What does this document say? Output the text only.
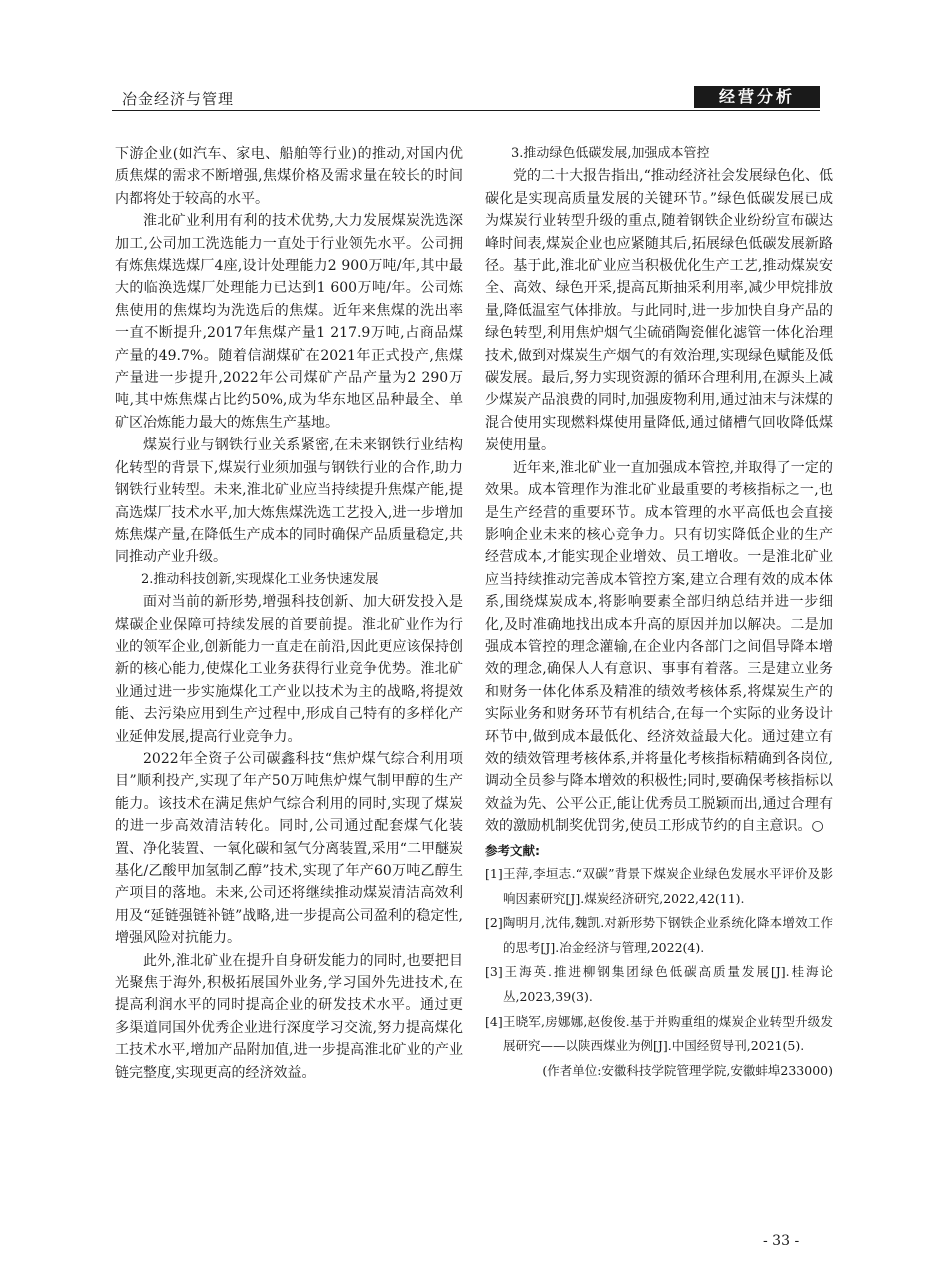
冶金经济与管理	经营分析

下游企业(如汽车、家电、船舶等行业)的推动,对国内优质焦煤的需求不断增强,焦煤价格及需求量在较长的时间内都将处于较高的水平。

淮北矿业利用有利的技术优势,大力发展煤炭洗选深加工,公司加工洗选能力一直处于行业领先水平。公司拥有炼焦煤选煤厂4座,设计处理能力2 900万吨/年,其中最大的临涣选煤厂处理能力已达到1 600万吨/年。公司炼焦使用的焦煤均为洗选后的焦煤。近年来焦煤的洗出率一直不断提升,2017年焦煤产量1 217.9万吨,占商品煤产量的49.7%。随着信湖煤矿在2021年正式投产,焦煤产量进一步提升,2022年公司煤矿产品产量为2 290万吨,其中炼焦煤占比约50%,成为华东地区品种最全、单矿区冶炼能力最大的炼焦生产基地。

煤炭行业与钢铁行业关系紧密,在未来钢铁行业结构化转型的背景下,煤炭行业须加强与钢铁行业的合作,助力钢铁行业转型。未来,淮北矿业应当持续提升焦煤产能,提高选煤厂技术水平,加大炼焦煤洗选工艺投入,进一步增加炼焦煤产量,在降低生产成本的同时确保产品质量稳定,共同推动产业升级。

2.推动科技创新,实现煤化工业务快速发展

面对当前的新形势,增强科技创新、加大研发投入是煤碳企业保障可持续发展的首要前提。淮北矿业作为行业的领军企业,创新能力一直走在前沿,因此更应该保持创新的核心能力,使煤化工业务获得行业竞争优势。淮北矿业通过进一步实施煤化工产业以技术为主的战略,将提效能、去污染应用到生产过程中,形成自己特有的多样化产业延伸发展,提高行业竞争力。

2022年全资子公司碳鑫科技“焦炉煤气综合利用项目”顺利投产,实现了年产50万吨焦炉煤气制甲醇的生产能力。该技术在满足焦炉气综合利用的同时,实现了煤炭的进一步高效清洁转化。同时,公司通过配套煤气化装置、净化装置、一氧化碳和氢气分离装置,采用“二甲醚炭基化/乙酸甲加氢制乙醇”技术,实现了年产60万吨乙醇生产项目的落地。未来,公司还将继续推动煤炭清洁高效利用及“延链强链补链”战略,进一步提高公司盈利的稳定性,增强风险对抗能力。

此外,淮北矿业在提升自身研发能力的同时,也要把目光聚焦于海外,积极拓展国外业务,学习国外先进技术,在提高利润水平的同时提高企业的研发技术水平。通过更多渠道同国外优秀企业进行深度学习交流,努力提高煤化工技术水平,增加产品附加值,进一步提高淮北矿业的产业链完整度,实现更高的经济效益。

3.推动绿色低碳发展,加强成本管控

党的二十大报告指出,“推动经济社会发展绿色化、低碳化是实现高质量发展的关键环节。”绿色低碳发展已成为煤炭行业转型升级的重点,随着钢铁企业纷纷宣布碳达峰时间表,煤炭企业也应紧随其后,拓展绿色低碳发展新路径。基于此,淮北矿业应当积极优化生产工艺,推动煤炭安全、高效、绿色开采,提高瓦斯抽采利用率,减少甲烷排放量,降低温室气体排放。与此同时,进一步加快自身产品的绿色转型,利用焦炉烟气尘硫硝陶瓷催化滤管一体化治理技术,做到对煤炭生产烟气的有效治理,实现绿色赋能及低碳发展。最后,努力实现资源的循环合理利用,在源头上减少煤炭产品浪费的同时,加强废物利用,通过油末与沫煤的混合使用实现燃料煤使用量降低,通过储槽气回收降低煤炭使用量。

近年来,淮北矿业一直加强成本管控,并取得了一定的效果。成本管理作为淮北矿业最重要的考核指标之一,也是生产经营的重要环节。成本管理的水平高低也会直接影响企业未来的核心竞争力。只有切实降低企业的生产经营成本,才能实现企业增效、员工增收。一是淮北矿业应当持续推动完善成本管控方案,建立合理有效的成本体系,围绕煤炭成本,将影响要素全部归纳总结并进一步细化,及时准确地找出成本升高的原因并加以解决。二是加强成本管控的理念灌输,在企业内各部门之间倡导降本增效的理念,确保人人有意识、事事有着落。三是建立业务和财务一体化体系及精准的绩效考核体系,将煤炭生产的实际业务和财务环节有机结合,在每一个实际的业务设计环节中,做到成本最低化、经济效益最大化。通过建立有效的绩效管理考核体系,并将量化考核指标精确到各岗位,调动全员参与降本增效的积极性;同时,要确保考核指标以效益为先、公平公正,能让优秀员工脱颖而出,通过合理有效的激励机制奖优罚劣,使员工形成节约的自主意识。○

参考文献:
[1]王萍,李垣志.“双碳”背景下煤炭企业绿色发展水平评价及影响因素研究[J].煤炭经济研究,2022,42(11).
[2]陶明月,沈伟,魏凯.对新形势下钢铁企业系统化降本增效工作的思考[J].冶金经济与管理,2022(4).
[3]王海英.推进柳钢集团绿色低碳高质量发展[J].桂海论丛,2023,39(3).
[4]王晓军,房娜娜,赵俊俊.基于并购重组的煤炭企业转型升级发展研究——以陕西煤业为例[J].中国经贸导刊,2021(5).
(作者单位:安徽科技学院管理学院,安徽蚌埠233000)
- 33 -
